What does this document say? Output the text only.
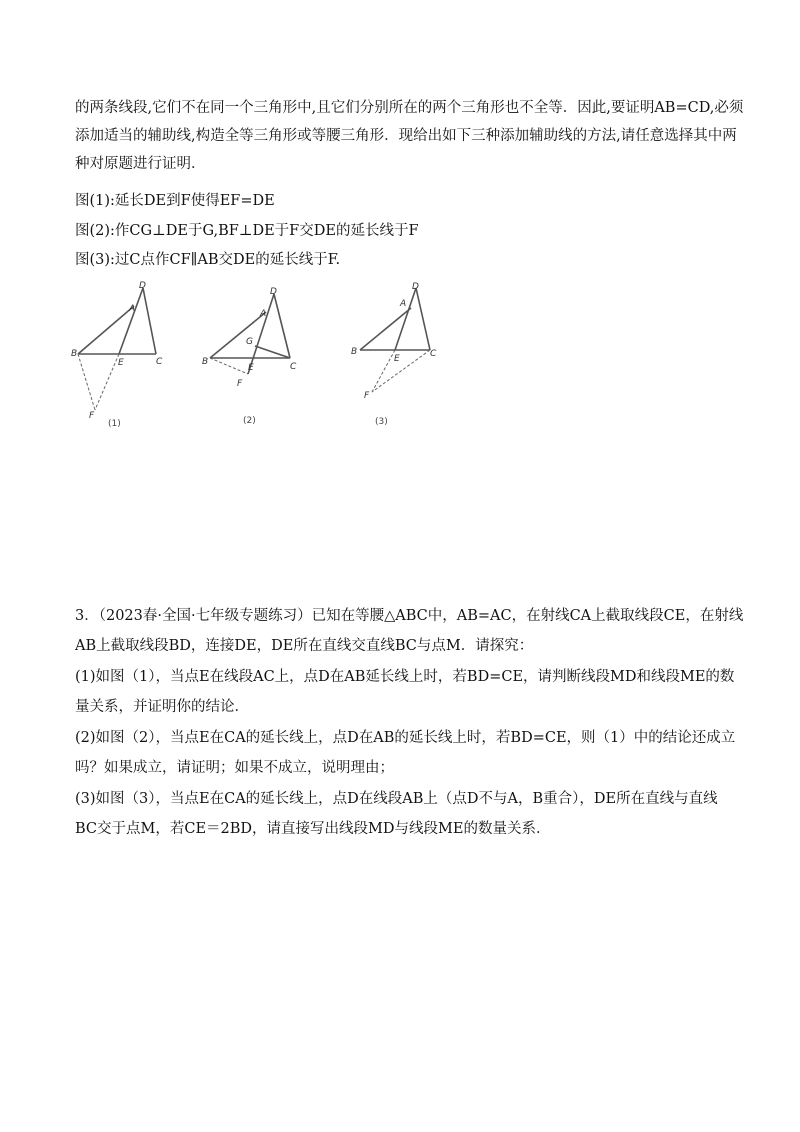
的两条线段,它们不在同一个三角形中,且它们分别所在的两个三角形也不全等．因此,要证明AB=CD,必须

添加适当的辅助线,构造全等三角形或等腰三角形．现给出如下三种添加辅助线的方法,请任意选择其中两

种对原题进行证明．

图(1):延长DE到F使得EF=DE

图(2):作CG⊥DE于G,BF⊥DE于F交DE的延长线于F

图(3):过C点作CF∥AB交DE的延长线于F.

D
A
B
C
E
F
(1)
D
A
G
B	C
E
F
(2)
D
A
B	C
E
F
(3)

3．（2023春·全国·七年级专题练习）已知在等腰△ABC中，AB=AC，在射线CA上截取线段CE，在射线

AB上截取线段BD，连接DE，DE所在直线交直线BC与点M．请探究：

(1)如图（1），当点E在线段AC上，点D在AB延长线上时，若BD=CE，请判断线段MD和线段ME的数

量关系，并证明你的结论．

(2)如图（2），当点E在CA的延长线上，点D在AB的延长线上时，若BD=CE，则（1）中的结论还成立

吗？如果成立，请证明；如果不成立，说明理由；

(3)如图（3），当点E在CA的延长线上，点D在线段AB上（点D不与A，B重合），DE所在直线与直线

BC交于点M，若CE＝2BD，请直接写出线段MD与线段ME的数量关系．
